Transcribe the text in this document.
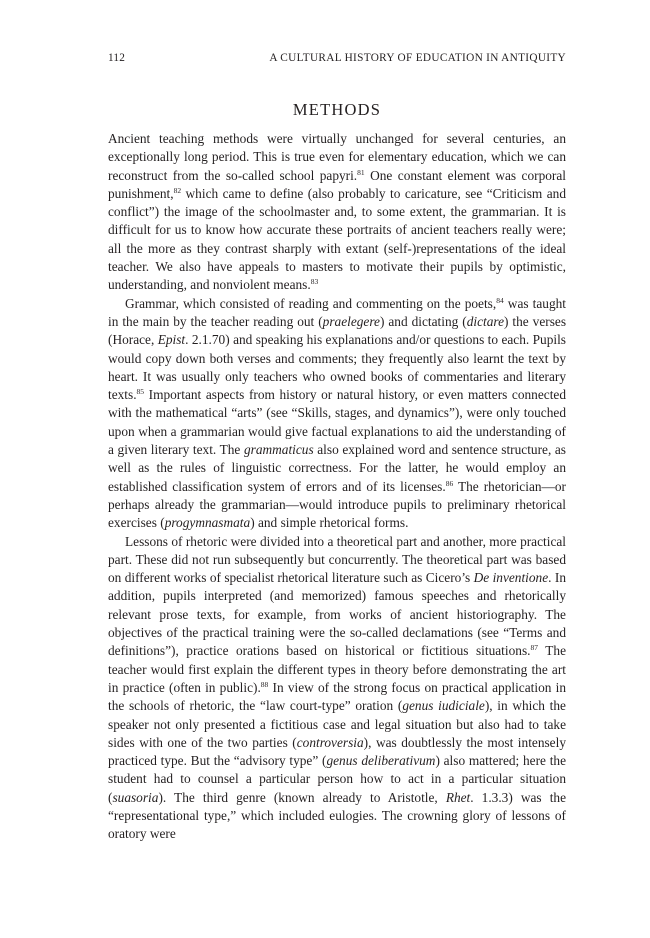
112	A CULTURAL HISTORY OF EDUCATION IN ANTIQUITY
METHODS

Ancient teaching methods were virtually unchanged for several centuries, an exceptionally long period. This is true even for elementary education, which we can reconstruct from the so-called school papyri.$^{81}$ One constant element was corporal punishment,$^{82}$ which came to define (also probably to caricature, see “Criticism and conflict”) the image of the schoolmaster and, to some extent, the grammarian. It is difficult for us to know how accurate these portraits of ancient teachers really were; all the more as they contrast sharply with extant (self-)representations of the ideal teacher. We also have appeals to masters to motivate their pupils by optimistic, understanding, and nonviolent means.$^{83}$

Grammar, which consisted of reading and commenting on the poets,$^{84}$ was taught in the main by the teacher reading out (praelegere) and dictating (dictare) the verses (Horace, Epist. 2.1.70) and speaking his explanations and/or questions to each. Pupils would copy down both verses and comments; they frequently also learnt the text by heart. It was usually only teachers who owned books of commentaries and literary texts.$^{85}$ Important aspects from history or natural history, or even matters connected with the mathematical “arts” (see “Skills, stages, and dynamics”), were only touched upon when a grammarian would give factual explanations to aid the understanding of a given literary text. The grammaticus also explained word and sentence structure, as well as the rules of linguistic correctness. For the latter, he would employ an established classification system of errors and of its licenses.$^{86}$ The rhetorician—or perhaps already the grammarian—would introduce pupils to preliminary rhetorical exercises (progymnasmata) and simple rhetorical forms.

Lessons of rhetoric were divided into a theoretical part and another, more practical part. These did not run subsequently but concurrently. The theoretical part was based on different works of specialist rhetorical literature such as Cicero’s De inventione. In addition, pupils interpreted (and memorized) famous speeches and rhetorically relevant prose texts, for example, from works of ancient historiography. The objectives of the practical training were the so-called declamations (see “Terms and definitions”), practice orations based on historical or fictitious situations.$^{87}$ The teacher would first explain the different types in theory before demonstrating the art in practice (often in public).$^{88}$ In view of the strong focus on practical application in the schools of rhetoric, the “law court-type” oration (genus iudiciale), in which the speaker not only presented a fictitious case and legal situation but also had to take sides with one of the two parties (controversia), was doubtlessly the most intensely practiced type. But the “advisory type” (genus deliberativum) also mattered; here the student had to counsel a particular person how to act in a particular situation (suasoria). The third genre (known already to Aristotle, Rhet. 1.3.3) was the “representational type,” which included eulogies. The crowning glory of lessons of oratory were
